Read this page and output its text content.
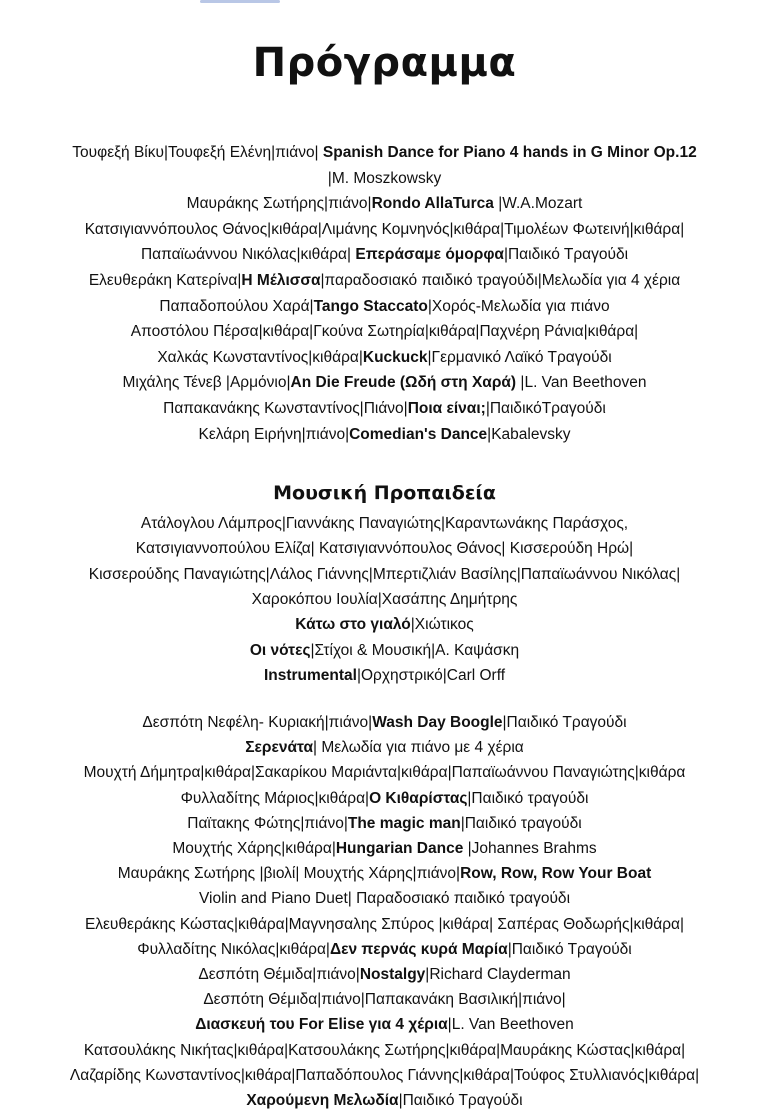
Πρόγραμμα
Τουφεξή Βίκυ|Τουφεξή Ελένη|πιάνο| Spanish Dance for Piano 4 hands in G Minor Op.12
|M. Moszkowsky
Μαυράκης Σωτήρης|πιάνο|Rondo AllaTurca |W.A.Mozart
Κατσιγιαννόπουλος Θάνος|κιθάρα|Λιμάνης Κομνηνός|κιθάρα|Τιμολέων Φωτεινή|κιθάρα|
Παπαϊωάννου Νικόλας|κιθάρα| Επεράσαμε όμορφα|Παιδικό Τραγούδι
Ελευθεράκη Κατερίνα|Η Μέλισσα|παραδοσιακό παιδικό τραγούδι|Μελωδία για 4 χέρια
Παπαδοπούλου Χαρά|Tango Staccato|Χορός-Μελωδία για πιάνο
Αποστόλου Πέρσα|κιθάρα|Γκούνα Σωτηρία|κιθάρα|Παχνέρη Ράνια|κιθάρα|
Χαλκάς Κωνσταντίνος|κιθάρα|Kuckuck|Γερμανικό Λαϊκό Τραγούδι
Μιχάλης Τένεβ |Αρμόνιο|An Die Freude (Ωδή στη Χαρά) |L. Van Beethoven
Παπακανάκης Κωνσταντίνος|Πιάνο|Ποια είναι;|ΠαιδικόΤραγούδι
Κελάρη Ειρήνη|πιάνο|Comedian's Dance|Kabalevsky
Μουσική Προπαιδεία
Ατάλογλου Λάμπρος|Γιαννάκης Παναγιώτης|Καραντωνάκης Παράσχος,
Κατσιγιαννοπούλου Ελίζα| Κατσιγιαννόπουλος Θάνος| Κισσερούδη Ηρώ|
Κισσερούδης Παναγιώτης|Λάλος Γιάννης|Μπερτιζλιάν Βασίλης|Παπαϊωάννου Νικόλας|
Χαροκόπου Ιουλία|Χασάπης Δημήτρης
Κάτω στο γιαλό|Χιώτικος
Οι νότες|Στίχοι & Μουσική|Α. Καψάσκη
Instrumental|Ορχηστρικό|Carl Orff
Δεσπότη Νεφέλη- Κυριακή|πιάνο|Wash Day Boogle|Παιδικό Τραγούδι
Σερενάτα| Μελωδία για πιάνο με 4 χέρια
Μουχτή Δήμητρα|κιθάρα|Σακαρίκου Μαριάντα|κιθάρα|Παπαϊωάννου Παναγιώτης|κιθάρα
Φυλλαδίτης Μάριος|κιθάρα|Ο Κιθαρίστας|Παιδικό τραγούδι
Παϊτακης Φώτης|πιάνο|The magic man|Παιδικό τραγούδι
Μουχτής Χάρης|κιθάρα|Hungarian Dance |Johannes Brahms
Μαυράκης Σωτήρης |βιολί| Μουχτής Χάρης|πιάνο|Row, Row, Row Your Boat
Violin and Piano Duet| Παραδοσιακό παιδικό τραγούδι
Ελευθεράκης Κώστας|κιθάρα|Μαγνησαλης Σπύρος |κιθάρα| Σαπέρας Θοδωρής|κιθάρα|
Φυλλαδίτης Νικόλας|κιθάρα|Δεν περνάς κυρά Μαρία|Παιδικό Τραγούδι
Δεσπότη Θέμιδα|πιάνο|Nostalgy|Richard Clayderman
Δεσπότη Θέμιδα|πιάνο|Παπακανάκη Βασιλική|πιάνο|
Διασκευή του For Elise για 4 χέρια|L. Van Beethoven
Κατσουλάκης Νικήτας|κιθάρα|Κατσουλάκης Σωτήρης|κιθάρα|Μαυράκης Κώστας|κιθάρα|
Λαζαρίδης Κωνσταντίνος|κιθάρα|Παπαδόπουλος Γιάννης|κιθάρα|Τούφος Στυλλιανός|κιθάρα|
Χαρούμενη Μελωδία|Παιδικό Τραγούδι
